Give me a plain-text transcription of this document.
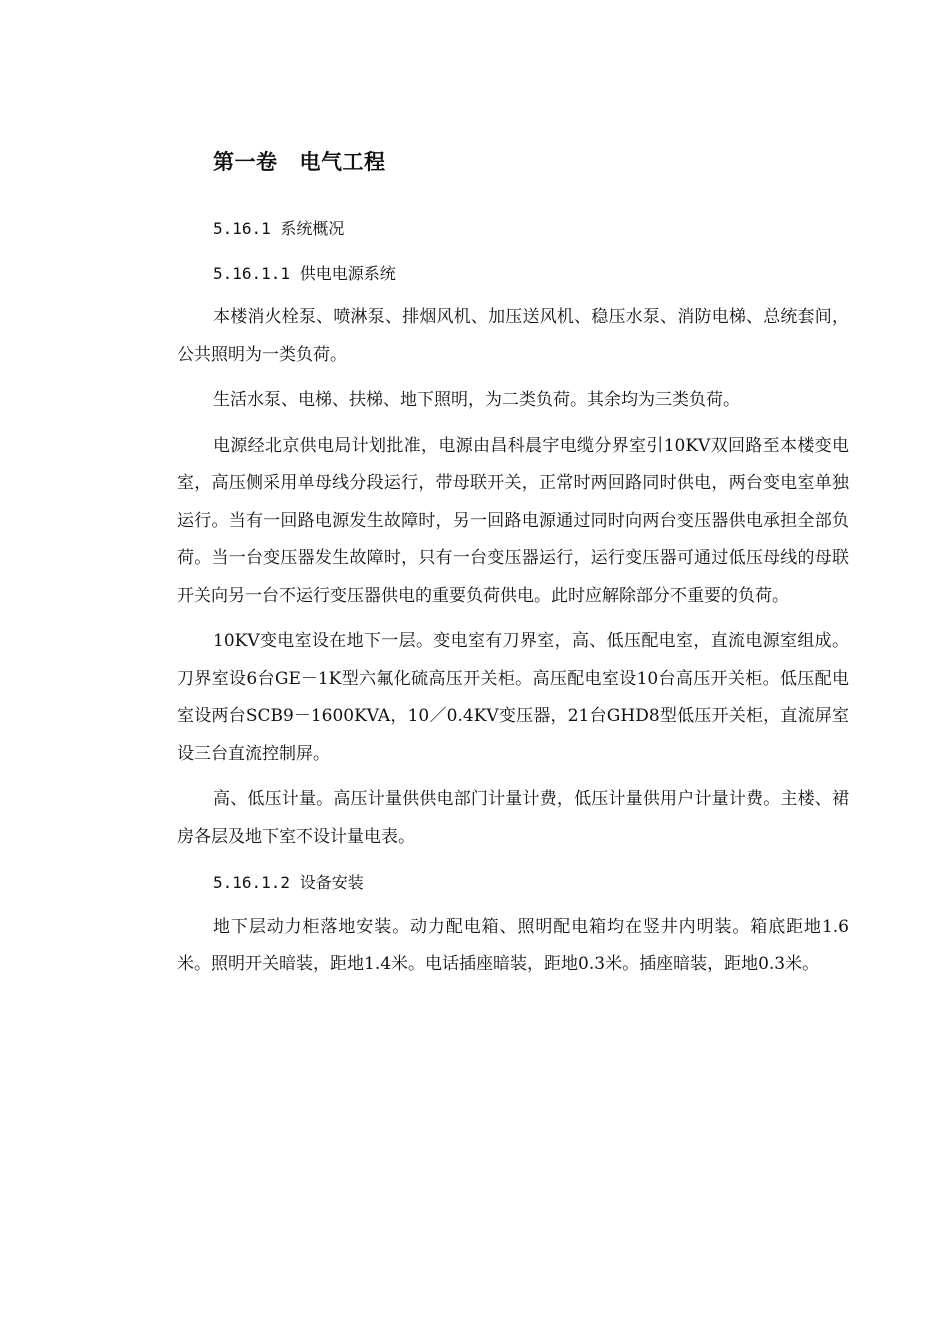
第一卷 电气工程

5.16.1 系统概况

5.16.1.1 供电电源系统

本楼消火栓泵、喷淋泵、排烟风机、加压送风机、稳压水泵、消防电梯、总统套间，公共照明为一类负荷。

生活水泵、电梯、扶梯、地下照明，为二类负荷。其余均为三类负荷。

电源经北京供电局计划批准，电源由昌科晨宇电缆分界室引10KV双回路至本楼变电室，高压侧采用单母线分段运行，带母联开关，正常时两回路同时供电，两台变电室单独运行。当有一回路电源发生故障时，另一回路电源通过同时向两台变压器供电承担全部负荷。当一台变压器发生故障时，只有一台变压器运行，运行变压器可通过低压母线的母联开关向另一台不运行变压器供电的重要负荷供电。此时应解除部分不重要的负荷。

10KV变电室设在地下一层。变电室有刀界室，高、低压配电室，直流电源室组成。刀界室设6台GE－1K型六氟化硫高压开关柜。高压配电室设10台高压开关柜。低压配电室设两台SCB9－1600KVA，10／0.4KV变压器，21台GHD8型低压开关柜，直流屏室设三台直流控制屏。

高、低压计量。高压计量供供电部门计量计费，低压计量供用户计量计费。主楼、裙房各层及地下室不设计量电表。

5.16.1.2 设备安装

地下层动力柜落地安装。动力配电箱、照明配电箱均在竖井内明装。箱底距地1.6米。照明开关暗装，距地1.4米。电话插座暗装，距地0.3米。插座暗装，距地0.3米。
